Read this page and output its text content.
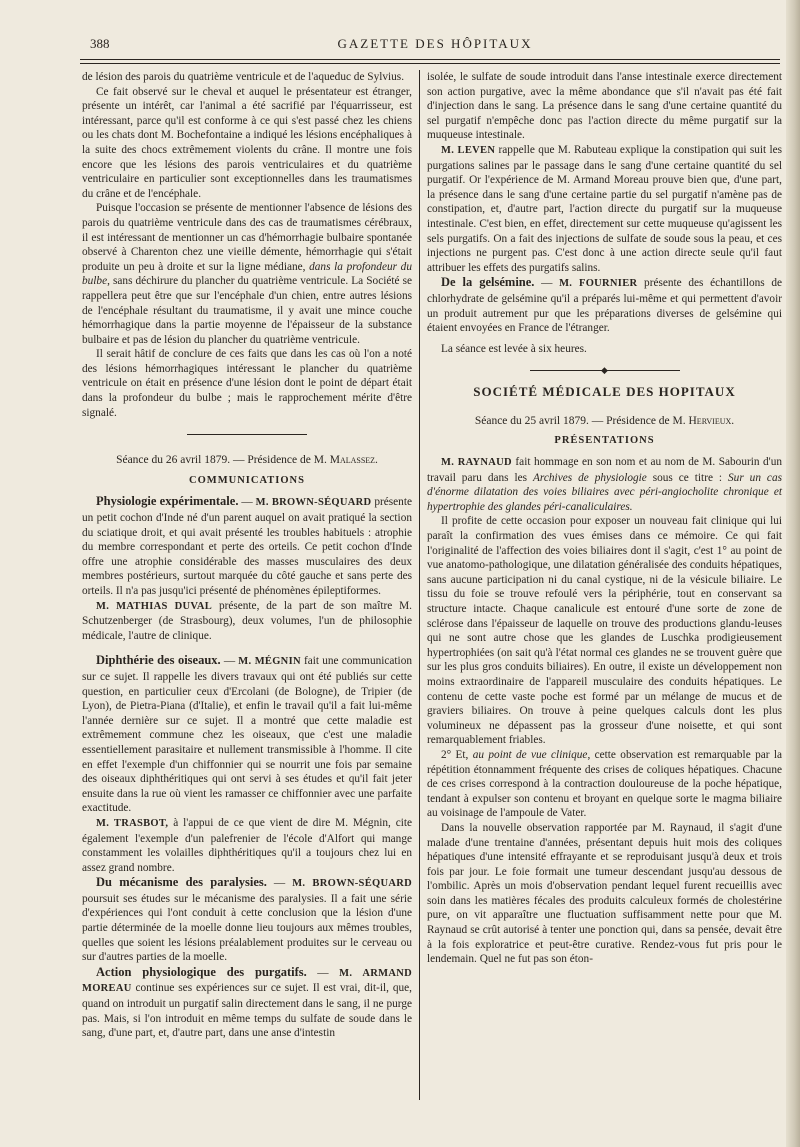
388	GAZETTE DES HÔPITAUX

de lésion des parois du quatrième ventricule et de l'aqueduc de Sylvius.

Ce fait observé sur le cheval et auquel le présentateur est étranger, présente un intérêt, car l'animal a été sacrifié par l'équarrisseur, est intéressant, parce qu'il est conforme à ce qui s'est passé chez les chiens ou les chats dont M. Bochefontaine a indiqué les lésions encéphaliques à la suite des chocs extrêmement violents du crâne. Il montre une fois encore que les lésions des parois ventriculaires et du quatrième ventriculaire en particulier sont exceptionnelles dans les traumatismes du crâne et de l'encéphale.

Puisque l'occasion se présente de mentionner l'absence de lésions des parois du quatrième ventricule dans des cas de traumatismes cérébraux, il est intéressant de mentionner un cas d'hémorrhagie bulbaire spontanée observé à Charenton chez une vieille démente, hémorrhagie qui s'était produite un peu à droite et sur la ligne médiane, dans la profondeur du bulbe, sans déchirure du plancher du quatrième ventricule. La Société se rappellera peut être que sur l'encéphale d'un chien, entre autres lésions de l'encéphale résultant du traumatisme, il y avait une mince couche hémorrhagique dans la partie moyenne de l'épaisseur de la substance bulbaire et pas de lésion du plancher du quatrième ventricule.

Il serait hâtif de conclure de ces faits que dans les cas où l'on a noté des lésions hémorrhagiques intéressant le plancher du quatrième ventricule on était en présence d'une lésion dont le point de départ était dans la profondeur du bulbe ; mais le rapprochement mérite d'être signalé.

Séance du 26 avril 1879. — Présidence de M. Malassez.

COMMUNICATIONS

Physiologie expérimentale. — M. BROWN-SÉQUARD présente un petit cochon d'Inde né d'un parent auquel on avait pratiqué la section du sciatique droit, et qui avait présenté les troubles habituels : atrophie du membre correspondant et perte des orteils. Ce petit cochon d'Inde offre une atrophie considérable des masses musculaires des deux membres postérieurs, surtout marquée du côté gauche et sans perte des orteils. Il n'a pas jusqu'ici présenté de phénomènes épileptiformes.

M. MATHIAS DUVAL présente, de la part de son maître M. Schutzenberger (de Strasbourg), deux volumes, l'un de philosophie médicale, l'autre de clinique.

Diphthérie des oiseaux. — M. MÉGNIN fait une communication sur ce sujet. Il rappelle les divers travaux qui ont été publiés sur cette question, en particulier ceux d'Ercolani (de Bologne), de Tripier (de Lyon), de Pietra-Piana (d'Italie), et enfin le travail qu'il a fait lui-même l'année dernière sur ce sujet. Il a montré que cette maladie est extrêmement commune chez les oiseaux, que c'est une maladie essentiellement parasitaire et nullement transmissible à l'homme. Il cite en effet l'exemple d'un chiffonnier qui se nourrit une fois par semaine des oiseaux diphthéritiques qui ont servi à ses études et qu'il fait jeter ensuite dans la rue où vient les ramasser ce chiffonnier avec une parfaite exactitude.

M. TRASBOT, à l'appui de ce que vient de dire M. Mégnin, cite également l'exemple d'un palefrenier de l'école d'Alfort qui mange constamment les volailles diphthéritiques qu'il a toujours chez lui en assez grand nombre.

Du mécanisme des paralysies. — M. BROWN-SÉQUARD poursuit ses études sur le mécanisme des paralysies. Il a fait une série d'expériences qui l'ont conduit à cette conclusion que la lésion d'une partie déterminée de la moelle donne lieu toujours aux mêmes troubles, quelles que soient les lésions préalablement produites sur le cerveau ou sur d'autres parties de la moelle.

Action physiologique des purgatifs. — M. ARMAND MOREAU continue ses expériences sur ce sujet. Il est vrai, dit-il, que, quand on introduit un purgatif salin directement dans le sang, il ne purge pas. Mais, si l'on introduit en même temps du sulfate de soude dans le sang, d'une part, et, d'autre part, dans une anse d'intestin

isolée, le sulfate de soude introduit dans l'anse intestinale exerce directement son action purgative, avec la même abondance que s'il n'avait pas été fait d'injection dans le sang. La présence dans le sang d'une certaine quantité du sel purgatif n'empêche donc pas l'action directe du même purgatif sur la muqueuse intestinale.

M. LEVEN rappelle que M. Rabuteau explique la constipation qui suit les purgations salines par le passage dans le sang d'une certaine quantité du sel purgatif. Or l'expérience de M. Armand Moreau prouve bien que, d'une part, la présence dans le sang d'une certaine partie du sel purgatif n'amène pas de constipation, et, d'autre part, l'action directe du purgatif sur la muqueuse intestinale. C'est bien, en effet, directement sur cette muqueuse qu'agissent les sels purgatifs. On a fait des injections de sulfate de soude sous la peau, et ces injections ne purgent pas. C'est donc à une action directe seule qu'il faut attribuer les effets des purgatifs salins.

De la gelsémine. — M. FOURNIER présente des échantillons de chlorhydrate de gelsémine qu'il a préparés lui-même et qui permettent d'avoir un produit autrement pur que les préparations diverses de gelsémine qui étaient envoyées en France de l'étranger.

La séance est levée à six heures.

◆
SOCIÉTÉ MÉDICALE DES HOPITAUX

Séance du 25 avril 1879. — Présidence de M. Hervieux.

PRÉSENTATIONS

M. RAYNAUD fait hommage en son nom et au nom de M. Sabourin d'un travail paru dans les Archives de physiologie sous ce titre : Sur un cas d'énorme dilatation des voies biliaires avec péri-angiocholite chronique et hypertrophie des glandes péri-canaliculaires.

Il profite de cette occasion pour exposer un nouveau fait clinique qui lui paraît la confirmation des vues émises dans ce mémoire. Ce qui fait l'originalité de l'affection des voies biliaires dont il s'agit, c'est 1° au point de vue anatomo-pathologique, une dilatation généralisée des conduits hépatiques, sans aucune participation ni du canal cystique, ni de la vésicule biliaire. Le tissu du foie se trouve refoulé vers la périphérie, tout en conservant sa structure intacte. Chaque canalicule est entouré d'une sorte de zone de sclérose dans l'épaisseur de laquelle on trouve des productions glandu-leuses qui ne sont autre chose que les glandes de Luschka prodigieusement hypertrophiées (on sait qu'à l'état normal ces glandes ne se trouvent guère que sur les plus gros conduits biliaires). En outre, il existe un développement non moins extraordinaire de l'appareil musculaire des conduits hépatiques. Le contenu de cette vaste poche est formé par un mélange de mucus et de graviers biliaires. On trouve à peine quelques calculs dont les plus volumineux ne dépassent pas la grosseur d'une noisette, et qui sont remarquablement friables.

2° Et, au point de vue clinique, cette observation est remarquable par la répétition étonnamment fréquente des crises de coliques hépatiques. Chacune de ces crises correspond à la contraction douloureuse de la poche hépatique, tendant à expulser son contenu et broyant en quelque sorte le magma biliaire au voisinage de l'ampoule de Vater.

Dans la nouvelle observation rapportée par M. Raynaud, il s'agit d'une malade d'une trentaine d'années, présentant depuis huit mois des coliques hépatiques d'une intensité effrayante et se reproduisant jusqu'à deux et trois fois par jour. Le foie formait une tumeur descendant jusqu'au dessous de l'ombilic. Après un mois d'observation pendant lequel furent recueillis avec soin dans les matières fécales des produits calculeux formés de cholestérine pure, on vit apparaître une fluctuation suffisamment nette pour que M. Raynaud se crût autorisé à tenter une ponction qui, dans sa pensée, devait être à la fois exploratrice et peut-être curative. Rendez-vous fut pris pour le lendemain. Quel ne fut pas son éton-
